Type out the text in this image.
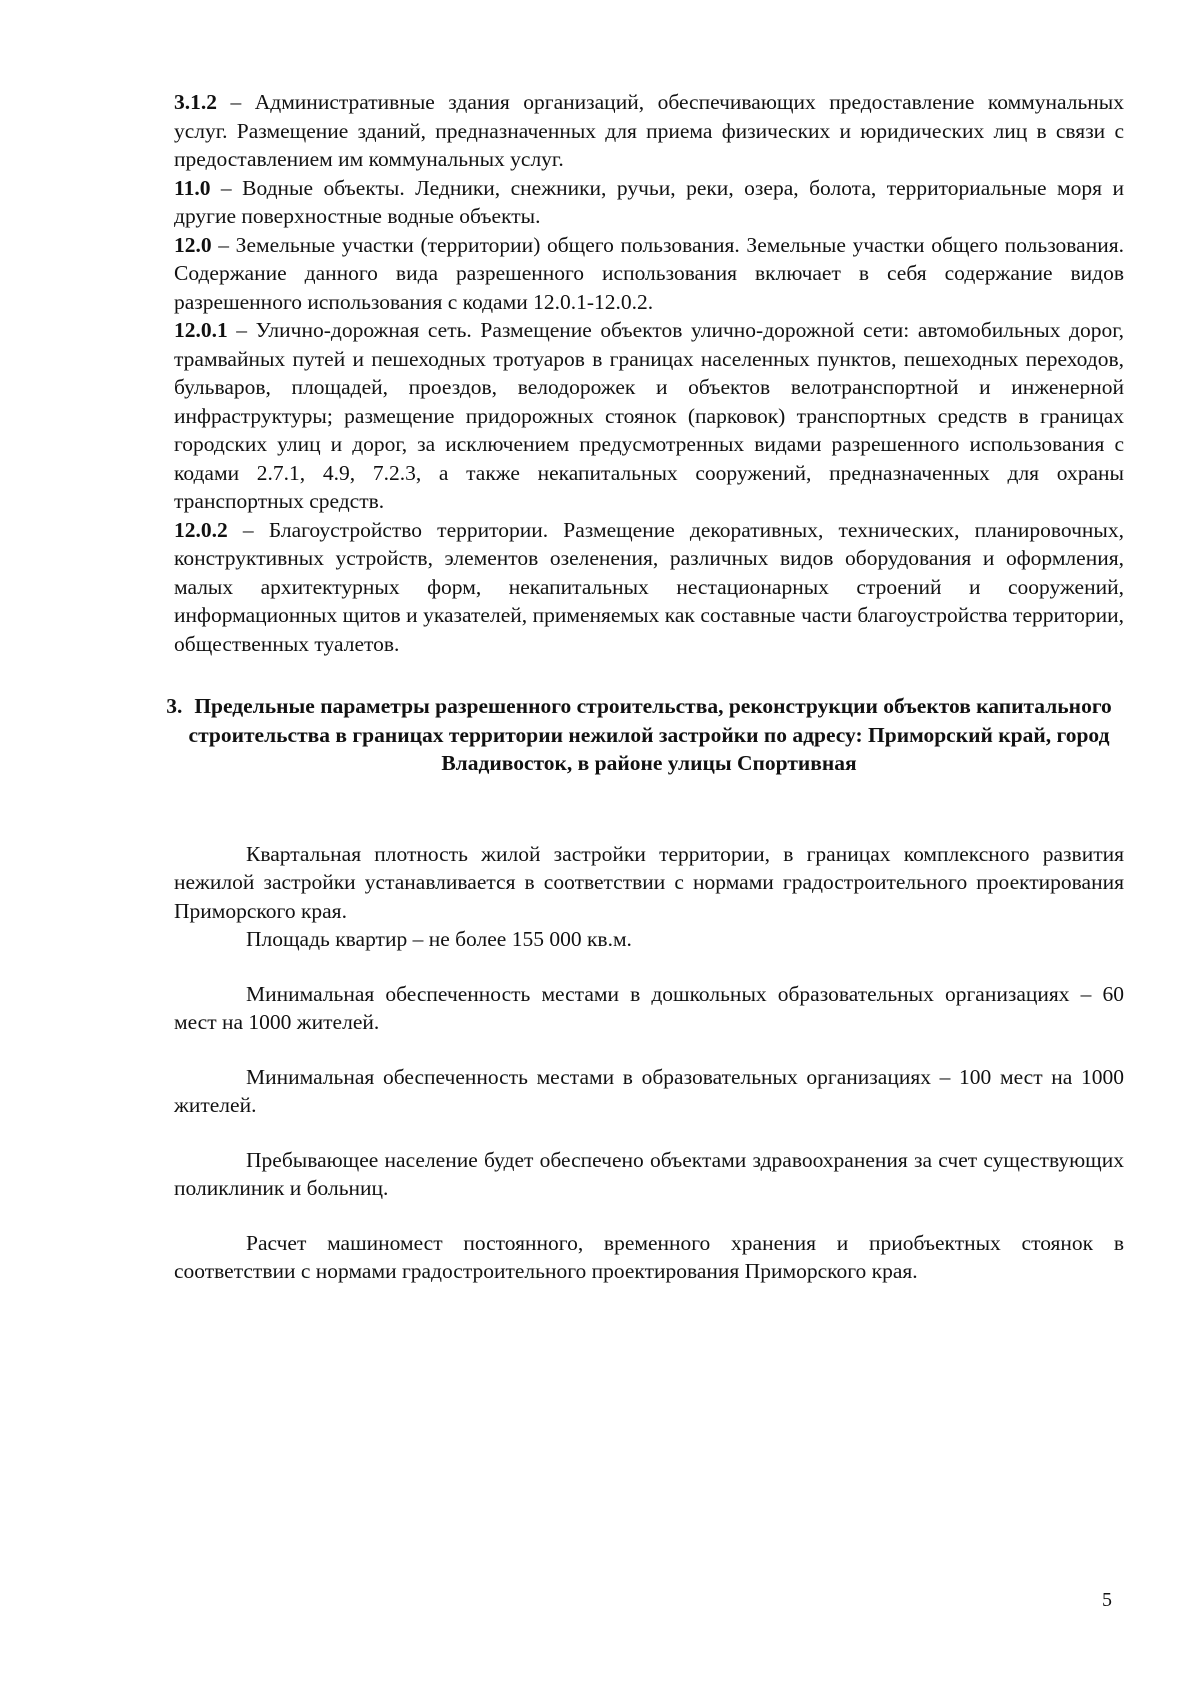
3.1.2 – Административные здания организаций, обеспечивающих предоставление коммунальных услуг. Размещение зданий, предназначенных для приема физических и юридических лиц в связи с предоставлением им коммунальных услуг.

11.0 – Водные объекты. Ледники, снежники, ручьи, реки, озера, болота, территориальные моря и другие поверхностные водные объекты.

12.0 – Земельные участки (территории) общего пользования. Земельные участки общего пользования. Содержание данного вида разрешенного использования включает в себя содержание видов разрешенного использования с кодами 12.0.1-12.0.2.

12.0.1 – Улично-дорожная сеть. Размещение объектов улично-дорожной сети: автомобильных дорог, трамвайных путей и пешеходных тротуаров в границах населенных пунктов, пешеходных переходов, бульваров, площадей, проездов, велодорожек и объектов велотранспортной и инженерной инфраструктуры; размещение придорожных стоянок (парковок) транспортных средств в границах городских улиц и дорог, за исключением предусмотренных видами разрешенного использования с кодами 2.7.1, 4.9, 7.2.3, а также некапитальных сооружений, предназначенных для охраны транспортных средств.

12.0.2 – Благоустройство территории. Размещение декоративных, технических, планировочных, конструктивных устройств, элементов озеленения, различных видов оборудования и оформления, малых архитектурных форм, некапитальных нестационарных строений и сооружений, информационных щитов и указателей, применяемых как составные части благоустройства территории, общественных туалетов.

3. Предельные параметры разрешенного строительства, реконструкции объектов капитального строительства в границах территории нежилой застройки по адресу: Приморский край, город Владивосток, в районе улицы Спортивная

Квартальная плотность жилой застройки территории, в границах комплексного развития нежилой застройки устанавливается в соответствии с нормами градостроительного проектирования Приморского края.

Площадь квартир – не более 155 000 кв.м.

Минимальная обеспеченность местами в дошкольных образовательных организациях – 60 мест на 1000 жителей.

Минимальная обеспеченность местами в образовательных организациях – 100 мест на 1000 жителей.

Пребывающее население будет обеспечено объектами здравоохранения за счет существующих поликлиник и больниц.

Расчет машиномест постоянного, временного хранения и приобъектных стоянок в соответствии с нормами градостроительного проектирования Приморского края.

5
